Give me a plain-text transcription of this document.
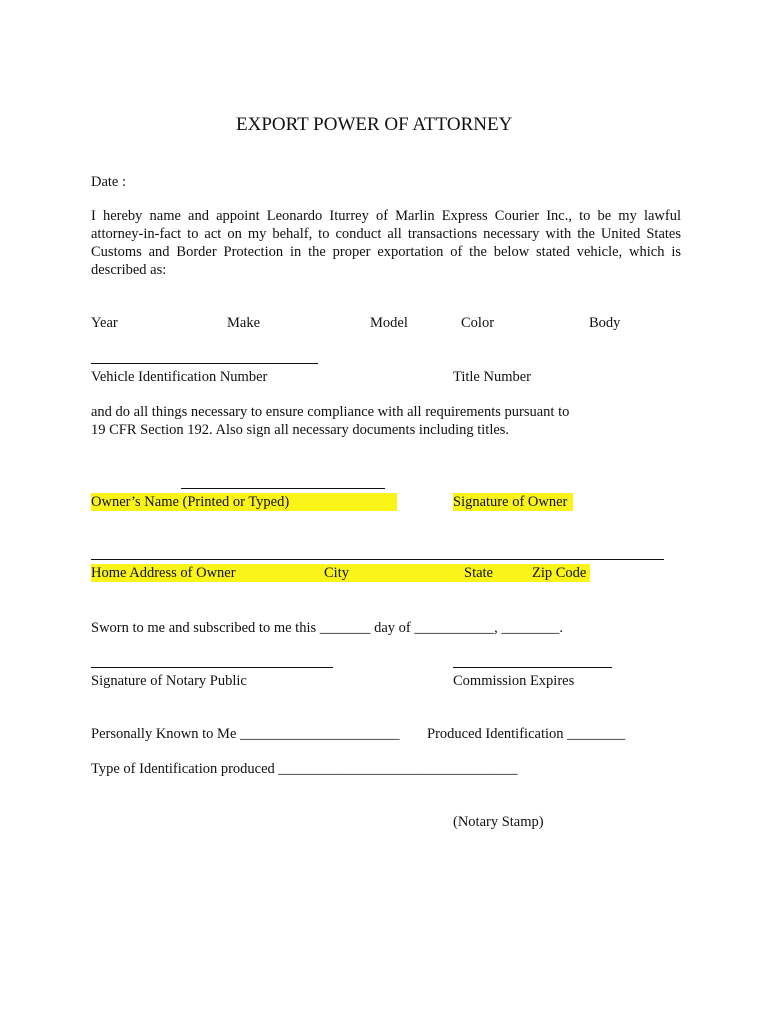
EXPORT POWER OF ATTORNEY
Date :
I hereby name and appoint Leonardo Iturrey of Marlin Express Courier Inc., to be my lawful attorney-in-fact to act on my behalf, to conduct all transactions necessary with the United States Customs and Border Protection in the proper exportation of the below stated vehicle, which is described as:
Year	Make	Model	Color	Body
Vehicle Identification Number	Title Number
and do all things necessary to ensure compliance with all requirements pursuant to
19 CFR Section 192. Also sign all necessary documents including titles.
Owner’s Name (Printed or Typed)	Signature of Owner
Home Address of Owner	City	State	Zip Code
Sworn to me and subscribed to me this _______ day of ___________, ________.
Signature of Notary Public	Commission Expires
Personally Known to Me ______________________ Produced Identification ________
Type of Identification produced _________________________________
(Notary Stamp)
